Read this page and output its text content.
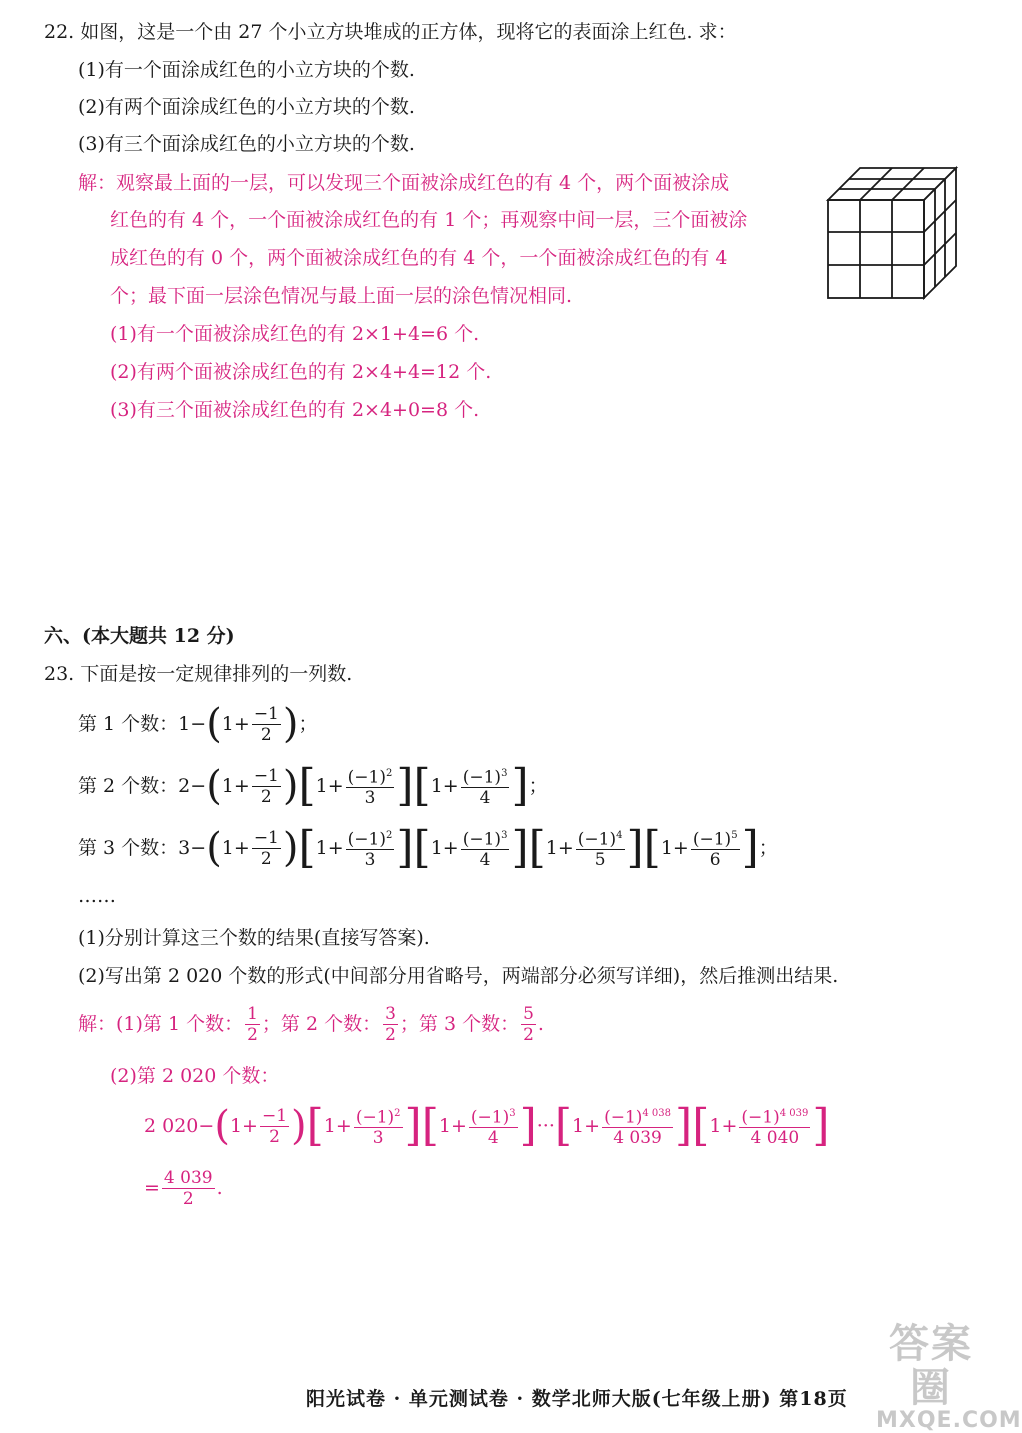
22. 如图，这是一个由 27 个小立方块堆成的正方体，现将它的表面涂上红色. 求：
(1)有一个面涂成红色的小立方块的个数.
(2)有两个面涂成红色的小立方块的个数.
(3)有三个面涂成红色的小立方块的个数.
解：观察最上面的一层，可以发现三个面被涂成红色的有 4 个，两个面被涂成
红色的有 4 个，一个面被涂成红色的有 1 个；再观察中间一层，三个面被涂
成红色的有 0 个，两个面被涂成红色的有 4 个，一个面被涂成红色的有 4
个；最下面一层涂色情况与最上面一层的涂色情况相同.
(1)有一个面被涂成红色的有 2×1+4=6 个.
(2)有两个面被涂成红色的有 2×4+4=12 个.
(3)有三个面被涂成红色的有 2×4+0=8 个.
六、(本大题共 12 分)
23. 下面是按一定规律排列的一列数.
第 1 个数：1− ( $1+ \frac{-1}{2}$ ) ；
第 2 个数：2− ( $1+ \frac{-1}{2}$ ) [ $1+ \frac{(-1)^2}{3}$ ] [ $1+ \frac{(-1)^3}{4}$ ] ；
第 3 个数：3− ( $1+ \frac{-1}{2}$ ) [ $1+ \frac{(-1)^2}{3}$ ] [ $1+ \frac{(-1)^3}{4}$ ] [ $1+ \frac{(-1)^4}{5}$ ] [ $1+ \frac{(-1)^5}{6}$ ] ；
……
(1)分别计算这三个数的结果(直接写答案).
(2)写出第 2 020 个数的形式(中间部分用省略号，两端部分必须写详细)，然后推测出结果.
解：(1)第 1 个数： $\frac{1}{2}$ ；第 2 个数： $\frac{3}{2}$ ；第 3 个数： $\frac{5}{2}$ .
(2)第 2 020 个数：
2 020− ( $1+ \frac{-1}{2}$ ) [ $1+ \frac{(-1)^2}{3}$ ] [ $1+ \frac{(-1)^3}{4}$ ] ··· [ $1+ \frac{(-1)^{4 038}}{4 039}$ ] [ $1+ \frac{(-1)^{4 039}}{4 040}$ ]
= $\frac{4 039}{2}$ .
阳光试卷 · 单元测试卷 · 数学北师大版(七年级上册) 第18页
答案圈
MXQE.COM
